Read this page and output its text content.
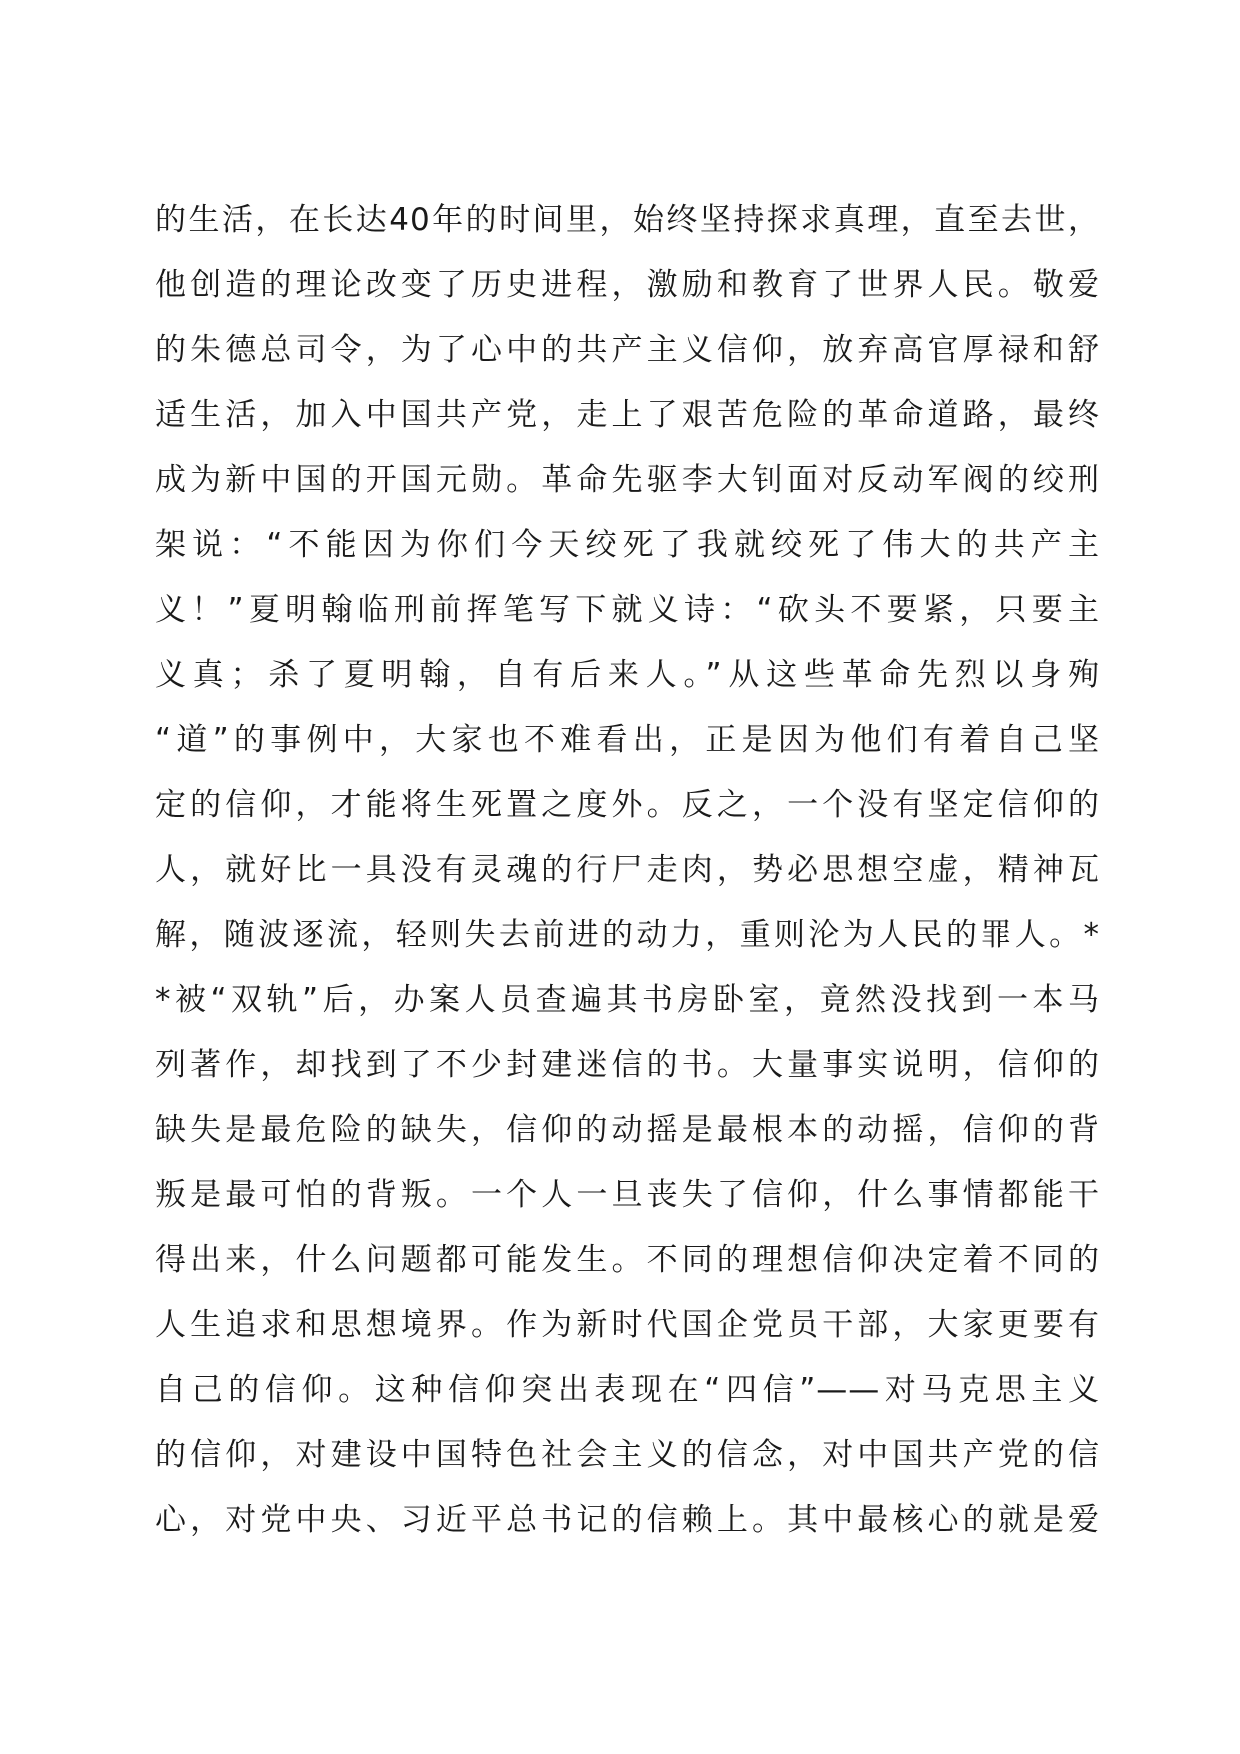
的生活，在长达40年的时间里，始终坚持探求真理，直至去世，
他创造的理论改变了历史进程，激励和教育了世界人民。敬爱
的朱德总司令，为了心中的共产主义信仰，放弃高官厚禄和舒
适生活，加入中国共产党，走上了艰苦危险的革命道路，最终
成为新中国的开国元勋。革命先驱李大钊面对反动军阀的绞刑
架说：“不能因为你们今天绞死了我就绞死了伟大的共产主
义！”夏明翰临刑前挥笔写下就义诗：“砍头不要紧，只要主
义真；杀了夏明翰，自有后来人。”从这些革命先烈以身殉
“道”的事例中，大家也不难看出，正是因为他们有着自己坚
定的信仰，才能将生死置之度外。反之，一个没有坚定信仰的
人，就好比一具没有灵魂的行尸走肉，势必思想空虚，精神瓦
解，随波逐流，轻则失去前进的动力，重则沦为人民的罪人。*
*被“双轨”后，办案人员查遍其书房卧室，竟然没找到一本马
列著作，却找到了不少封建迷信的书。大量事实说明，信仰的
缺失是最危险的缺失，信仰的动摇是最根本的动摇，信仰的背
叛是最可怕的背叛。一个人一旦丧失了信仰，什么事情都能干
得出来，什么问题都可能发生。不同的理想信仰决定着不同的
人生追求和思想境界。作为新时代国企党员干部，大家更要有
自己的信仰。这种信仰突出表现在“四信”——对马克思主义
的信仰，对建设中国特色社会主义的信念，对中国共产党的信
心，对党中央、习近平总书记的信赖上。其中最核心的就是爱
